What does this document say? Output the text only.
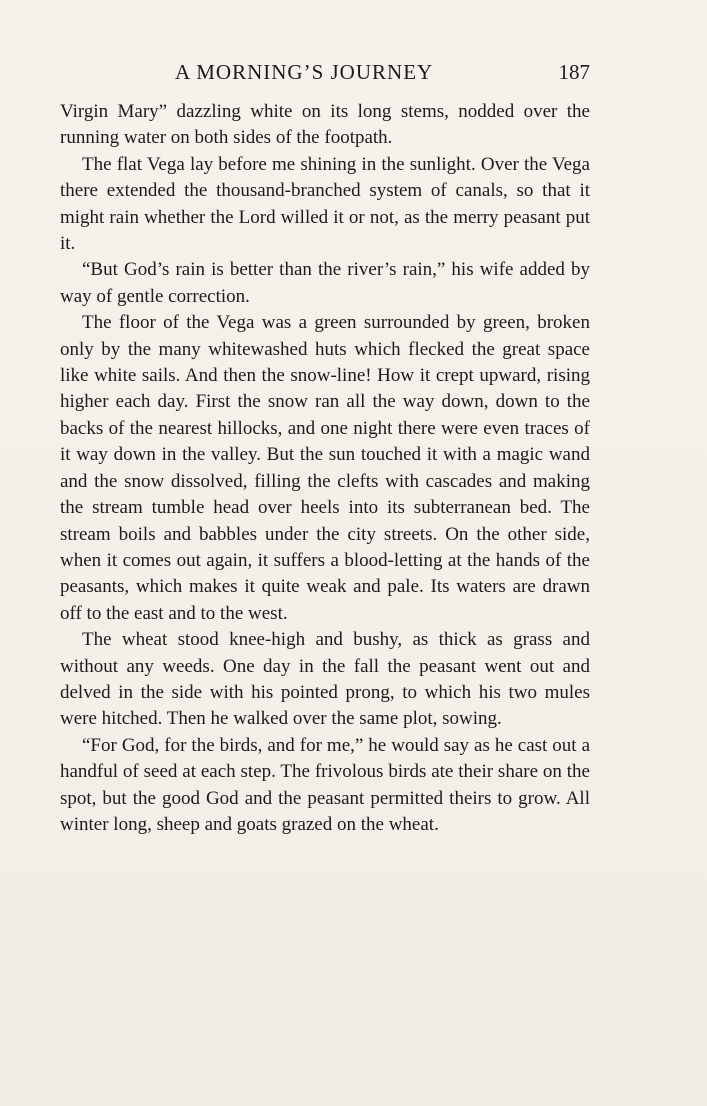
A MORNING’S JOURNEY	187

Virgin Mary” dazzling white on its long stems, nodded over the running water on both sides of the footpath.

The flat Vega lay before me shining in the sunlight. Over the Vega there extended the thousand-branched system of canals, so that it might rain whether the Lord willed it or not, as the merry peasant put it.

“But God’s rain is better than the river’s rain,” his wife added by way of gentle correction.

The floor of the Vega was a green surrounded by green, broken only by the many whitewashed huts which flecked the great space like white sails. And then the snow-line! How it crept upward, rising higher each day. First the snow ran all the way down, down to the backs of the nearest hillocks, and one night there were even traces of it way down in the valley. But the sun touched it with a magic wand and the snow dissolved, filling the clefts with cascades and making the stream tumble head over heels into its subterranean bed. The stream boils and babbles under the city streets. On the other side, when it comes out again, it suffers a blood-letting at the hands of the peasants, which makes it quite weak and pale. Its waters are drawn off to the east and to the west.

The wheat stood knee-high and bushy, as thick as grass and without any weeds. One day in the fall the peasant went out and delved in the side with his pointed prong, to which his two mules were hitched. Then he walked over the same plot, sowing.

“For God, for the birds, and for me,” he would say as he cast out a handful of seed at each step. The frivolous birds ate their share on the spot, but the good God and the peasant permitted theirs to grow. All winter long, sheep and goats grazed on the wheat.
